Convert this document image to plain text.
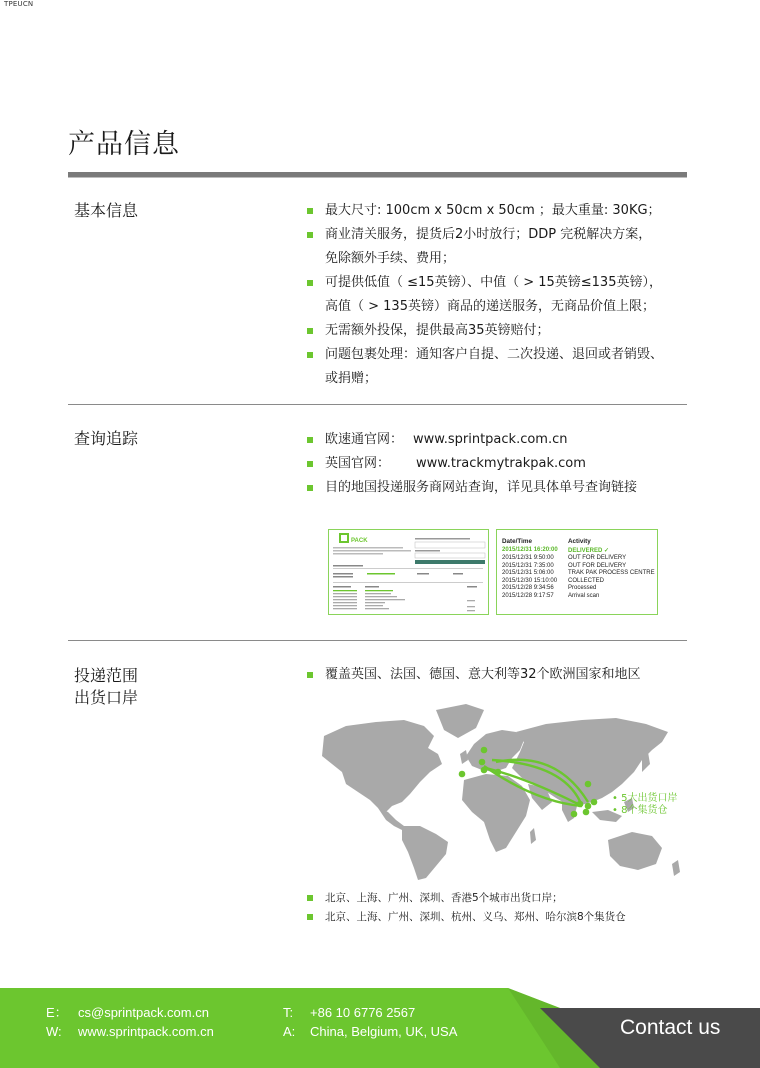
TPEUCN
产品信息
基本信息	最大尺寸: 100cm x 50cm x 50cm ；最大重量: 30KG；
商业清关服务，提货后2小时放行；DDP 完税解决方案，
免除额外手续、费用；
可提供低值（ ≤15英镑）、中值（ > 15英镑≤135英镑），
高值（ > 135英镑）商品的递送服务，无商品价值上限；
无需额外投保，提供最高35英镑赔付；
问题包裹处理：通知客户自提、二次投递、退回或者销毁、
或捐赠；
查询追踪	欧速通官网： www.sprintpack.com.cn
英国官网： www.trackmytrakpak.com
目的地国投递服务商网站查询，详见具体单号查询链接
PACK	Date/Time	Activity
2015/12/31 16:20:00	DELIVERED ✓
2015/12/31 9:50:00	OUT FOR DELIVERY
2015/12/31 7:35:00	OUT FOR DELIVERY
2015/12/31 5:06:00	TRAK PAK PROCESS CENTRE
2015/12/30 15:10:00	COLLECTED
2015/12/28 9:34:56	Processed
2015/12/28 9:17:57	Arrival scan
投递范围
出货口岸
覆盖英国、法国、德国、意大利等32个欧洲国家和地区
• 5大出货口岸
• 8个集货仓
北京、上海、广州、深圳、香港5个城市出货口岸；
北京、上海、广州、深圳、杭州、义乌、郑州、哈尔滨8个集货仓
E： cs@sprintpack.com.cn
W: www.sprintpack.com.cn
T: +86 10 6776 2567
A: China, Belgium, UK, USA	Contact us
